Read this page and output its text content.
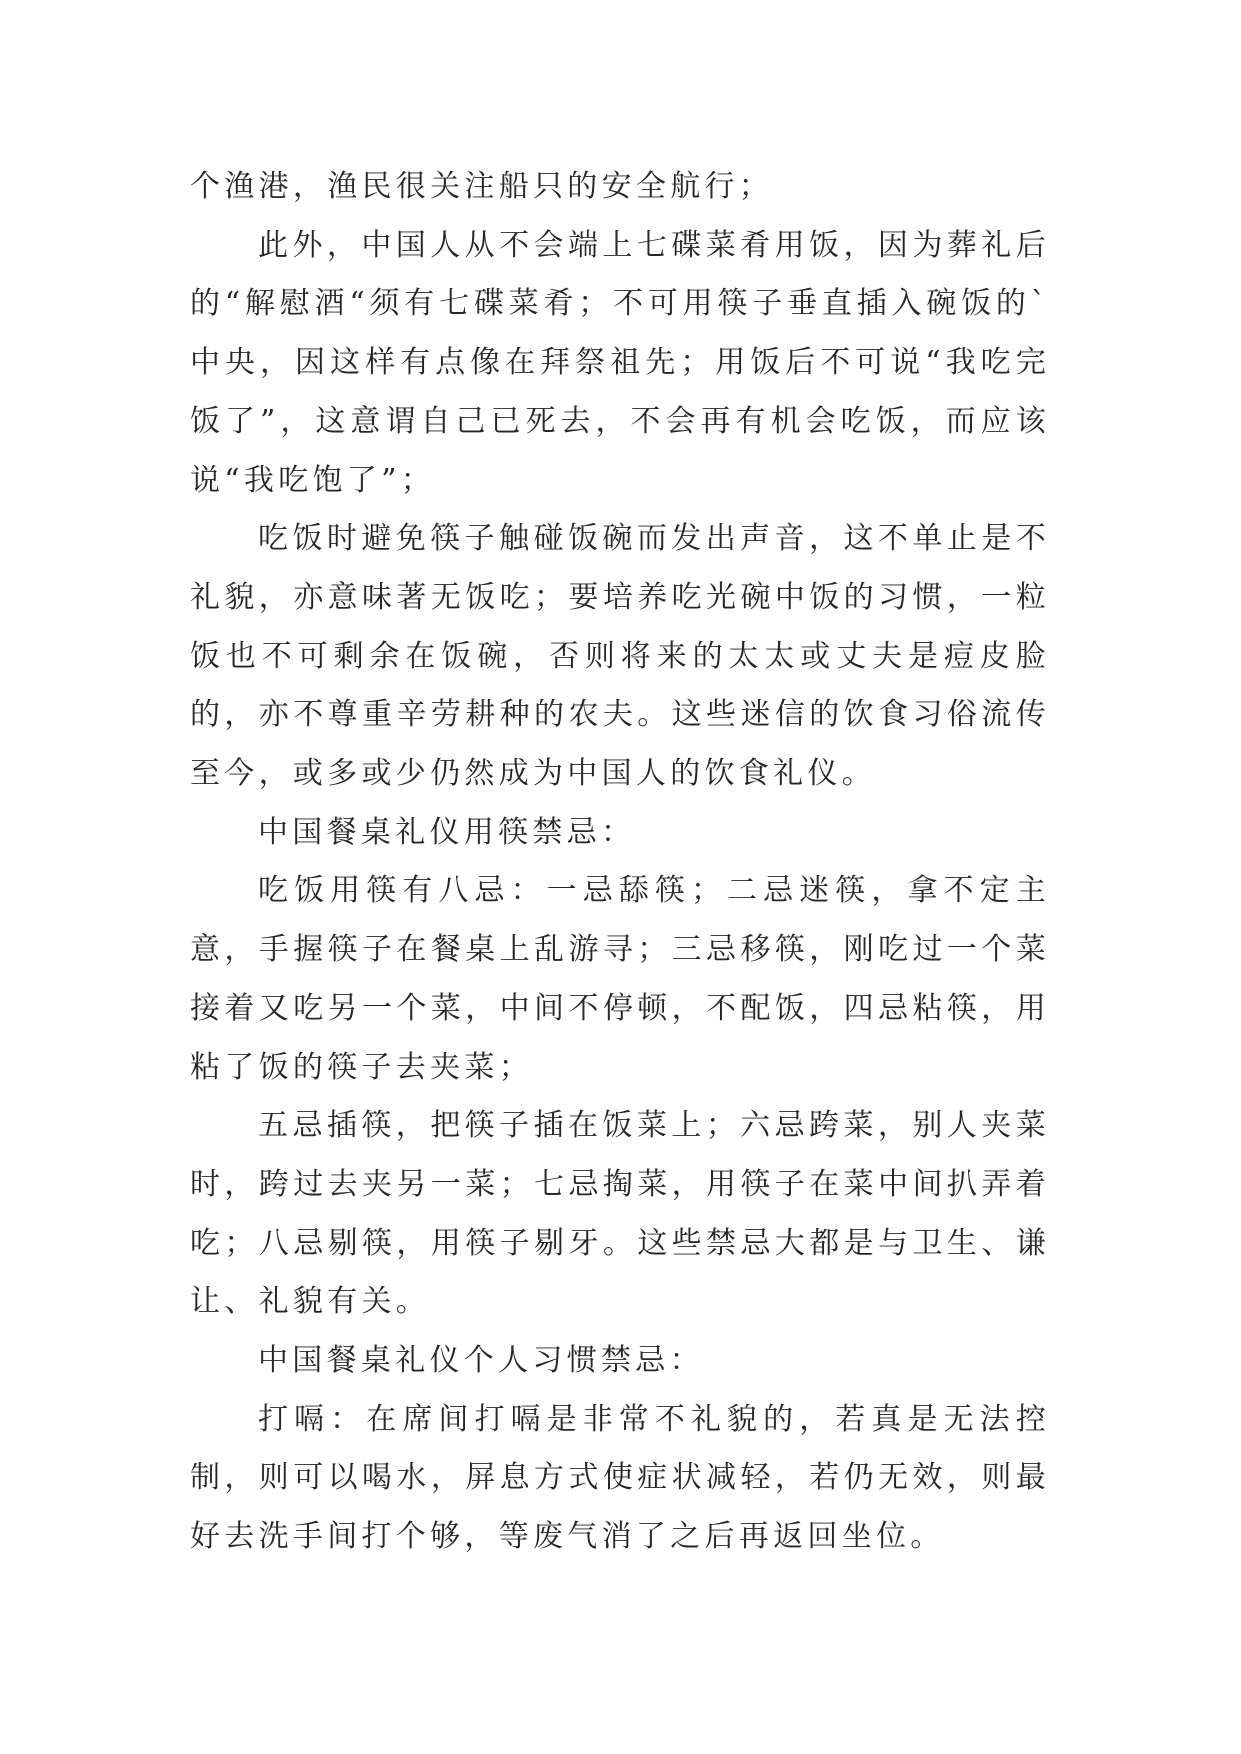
个渔港，渔民很关注船只的安全航行；

此外，中国人从不会端上七碟菜肴用饭，因为葬礼后的“解慰酒“须有七碟菜肴；不可用筷子垂直插入碗饭的`中央，因这样有点像在拜祭祖先；用饭后不可说“我吃完饭了”，这意谓自己已死去，不会再有机会吃饭，而应该说“我吃饱了”；

吃饭时避免筷子触碰饭碗而发出声音，这不单止是不礼貌，亦意味著无饭吃；要培养吃光碗中饭的习惯，一粒饭也不可剩余在饭碗，否则将来的太太或丈夫是痘皮脸的，亦不尊重辛劳耕种的农夫。这些迷信的饮食习俗流传至今，或多或少仍然成为中国人的饮食礼仪。

中国餐桌礼仪用筷禁忌：

吃饭用筷有八忌：一忌舔筷；二忌迷筷，拿不定主意，手握筷子在餐桌上乱游寻；三忌移筷，刚吃过一个菜接着又吃另一个菜，中间不停顿，不配饭，四忌粘筷，用粘了饭的筷子去夹菜；

五忌插筷，把筷子插在饭菜上；六忌跨菜，别人夹菜时，跨过去夹另一菜；七忌掏菜，用筷子在菜中间扒弄着吃；八忌剔筷，用筷子剔牙。这些禁忌大都是与卫生、谦让、礼貌有关。

中国餐桌礼仪个人习惯禁忌：

打嗝：在席间打嗝是非常不礼貌的，若真是无法控制，则可以喝水，屏息方式使症状减轻，若仍无效，则最好去洗手间打个够，等废气消了之后再返回坐位。
